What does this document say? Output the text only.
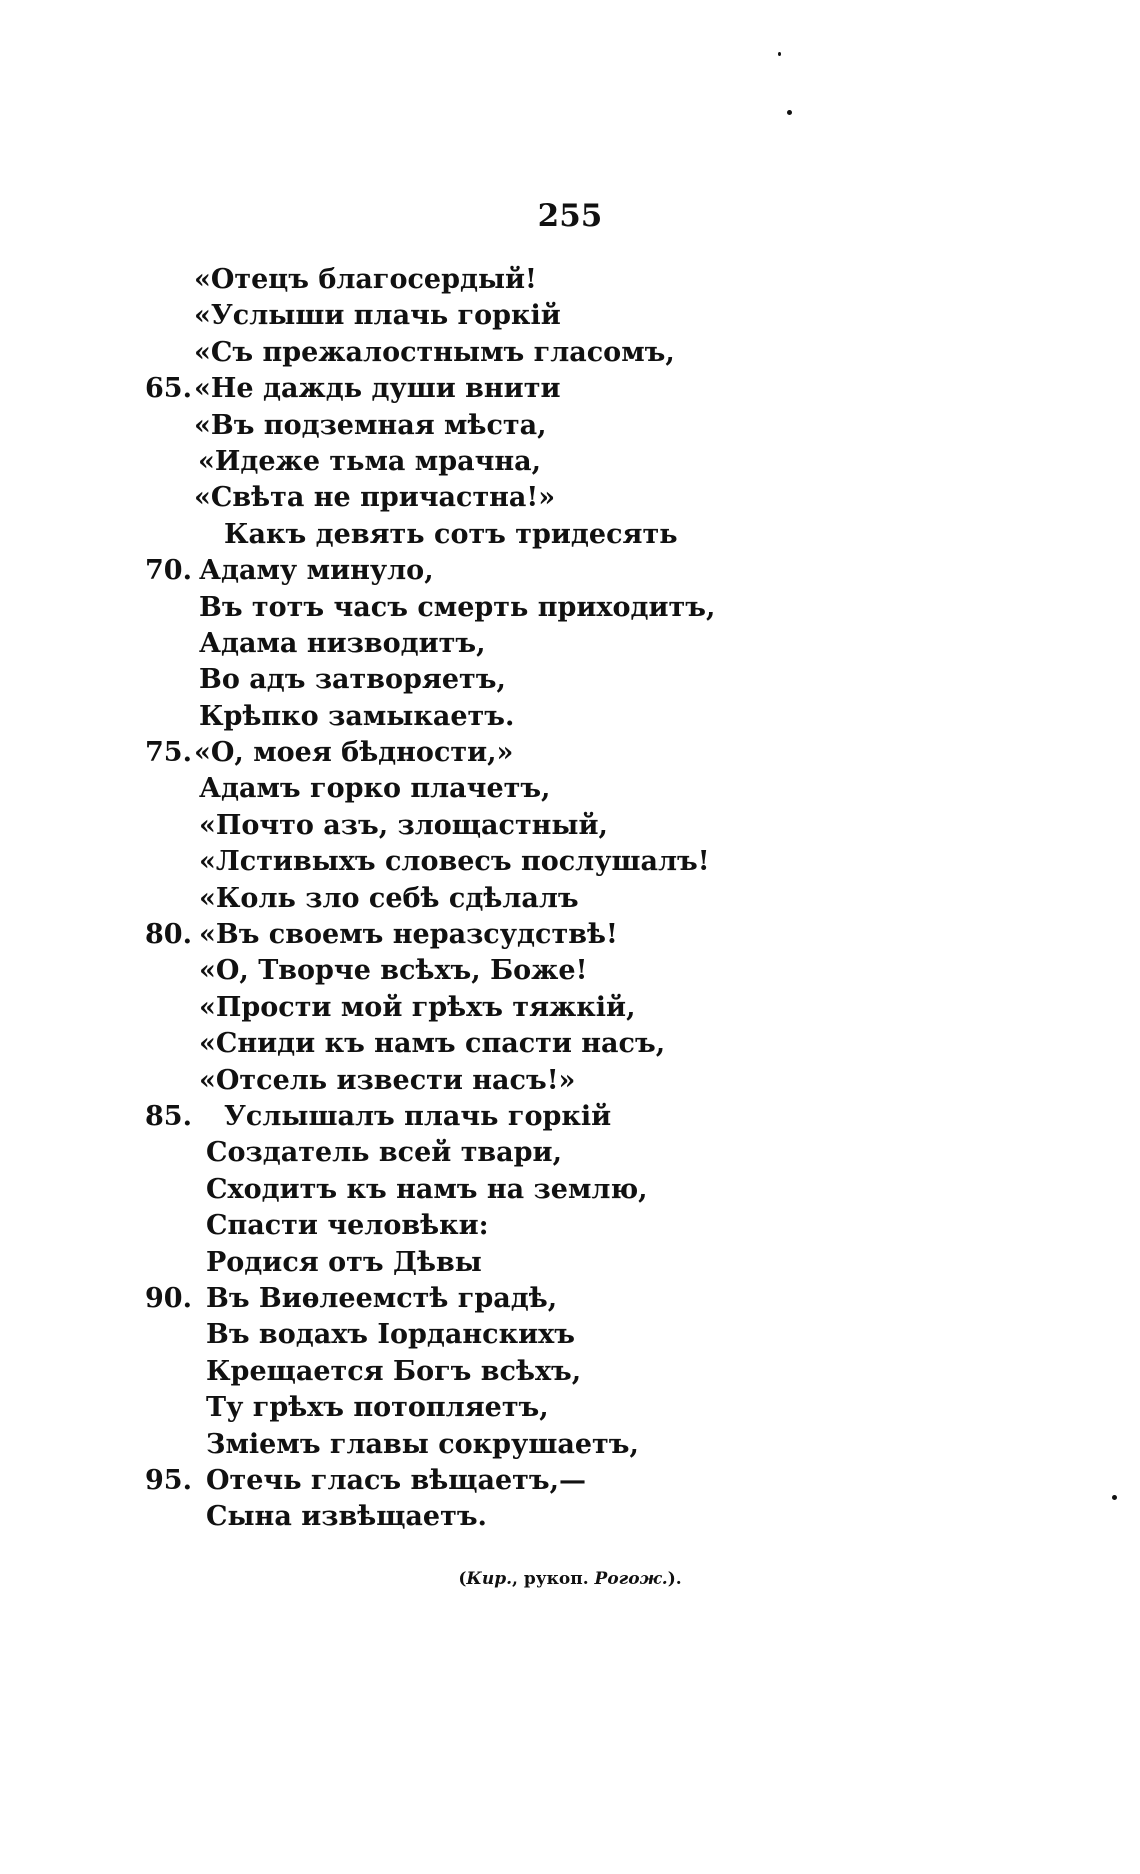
255
«Отецъ благосердый!
«Услыши плачь горкій
«Съ прежалостнымъ гласомъ,
65. «Не даждь души внити
«Въ подземная мѣста,
«Идеже тьма мрачна,
«Свѣта не причастна!»
Какъ девять сотъ тридесять
70. Адаму минуло,
Въ тотъ часъ смерть приходитъ,
Адама низводитъ,
Во адъ затворяетъ,
Крѣпко замыкаетъ.
75. «О, моея бѣдности,»
Адамъ горко плачетъ,
«Почто азъ, злощастный,
«Лстивыхъ словесъ послушалъ!
«Коль зло себѣ сдѣлалъ
80. «Въ своемъ неразсудствѣ!
«О, Творче всѣхъ, Боже!
«Прости мой грѣхъ тяжкій,
«Сниди къ намъ спасти насъ,
«Отсель извести насъ!»
85. Услышалъ плачь горкій
Создатель всей твари,
Сходитъ къ намъ на землю,
Спасти человѣки:
Родися отъ Дѣвы
90. Въ Виѳлеемстѣ градѣ,
Въ водахъ Іорданскихъ
Крещается Богъ всѣхъ,
Ту грѣхъ потопляетъ,
Зміемъ главы сокрушаетъ,
95. Отечь гласъ вѣщаетъ,—
Сына извѣщаетъ.
(Кир., рукоп. Рогож.).
